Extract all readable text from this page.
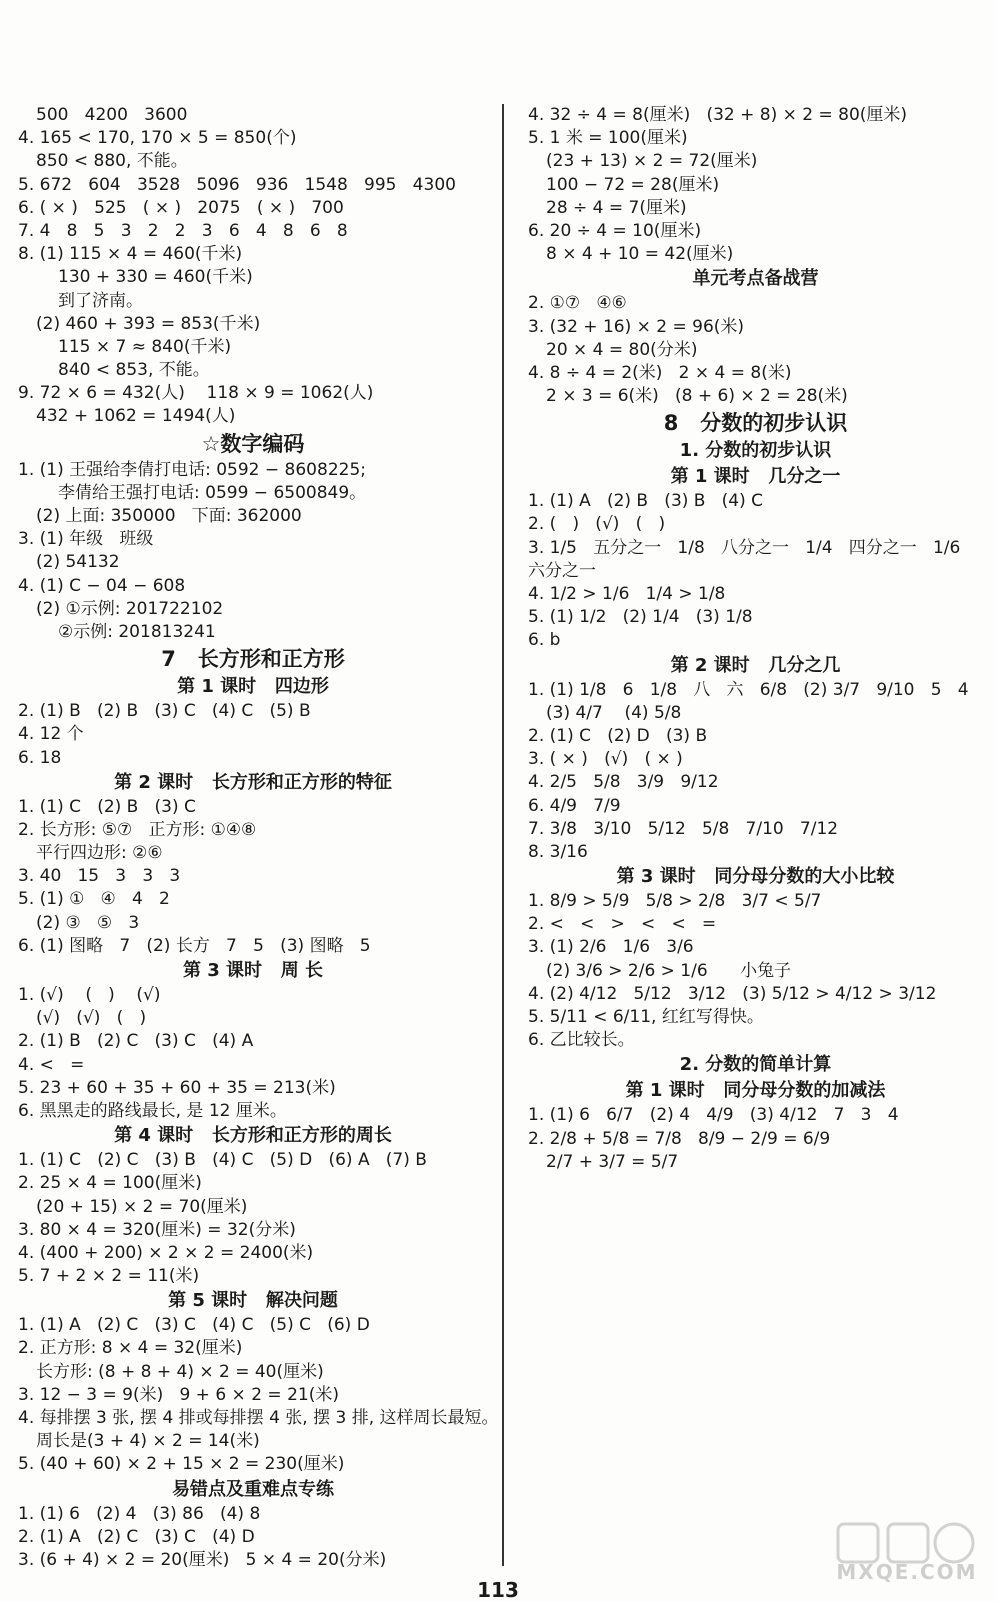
500   4200   3600
4. 165 < 170, 170 × 5 = 850(个)
850 < 880, 不能。
5. 672   604   3528   5096   936   1548   995   4300
6. ( × )   525   ( × )   2075   ( × )   700
7. 4   8   5   3   2   2   3   6   4   8   6   8
8. (1) 115 × 4 = 460(千米)
130 + 330 = 460(千米)
到了济南。
(2) 460 + 393 = 853(千米)
115 × 7 ≈ 840(千米)
840 < 853, 不能。
9. 72 × 6 = 432(人)    118 × 9 = 1062(人)
432 + 1062 = 1494(人)
☆数字编码
1. (1) 王强给李倩打电话: 0592 − 8608225;
李倩给王强打电话: 0599 − 6500849。
(2) 上面: 350000   下面: 362000
3. (1) 年级   班级
(2) 54132
4. (1) C − 04 − 608
(2) ①示例: 201722102
②示例: 201813241
7   长方形和正方形
第 1 课时   四边形
2. (1) B   (2) B   (3) C   (4) C   (5) B
4. 12 个
6. 18
第 2 课时   长方形和正方形的特征
1. (1) C   (2) B   (3) C
2. 长方形: ⑤⑦   正方形: ①④⑧
平行四边形: ②⑥
3. 40   15   3   3   3
5. (1) ①   ④   4   2
(2) ③   ⑤   3
6. (1) 图略   7   (2) 长方   7   5   (3) 图略   5
第 3 课时   周 长
1. (√)    (   )    (√)
(√)   (√)   (   )
2. (1) B   (2) C   (3) C   (4) A
4. <   =
5. 23 + 60 + 35 + 60 + 35 = 213(米)
6. 黑黑走的路线最长, 是 12 厘米。
第 4 课时   长方形和正方形的周长
1. (1) C   (2) C   (3) B   (4) C   (5) D   (6) A   (7) B
2. 25 × 4 = 100(厘米)
(20 + 15) × 2 = 70(厘米)
3. 80 × 4 = 320(厘米) = 32(分米)
4. (400 + 200) × 2 × 2 = 2400(米)
5. 7 + 2 × 2 = 11(米)
第 5 课时   解决问题
1. (1) A   (2) C   (3) C   (4) C   (5) C   (6) D
2. 正方形: 8 × 4 = 32(厘米)
长方形: (8 + 8 + 4) × 2 = 40(厘米)
3. 12 − 3 = 9(米)   9 + 6 × 2 = 21(米)
4. 每排摆 3 张, 摆 4 排或每排摆 4 张, 摆 3 排, 这样周长最短。
周长是(3 + 4) × 2 = 14(米)
5. (40 + 60) × 2 + 15 × 2 = 230(厘米)
易错点及重难点专练
1. (1) 6   (2) 4   (3) 86   (4) 8
2. (1) A   (2) C   (3) C   (4) D
3. (6 + 4) × 2 = 20(厘米)   5 × 4 = 20(分米)
4. 32 ÷ 4 = 8(厘米)   (32 + 8) × 2 = 80(厘米)
5. 1 米 = 100(厘米)
(23 + 13) × 2 = 72(厘米)
100 − 72 = 28(厘米)
28 ÷ 4 = 7(厘米)
6. 20 ÷ 4 = 10(厘米)
8 × 4 + 10 = 42(厘米)
单元考点备战营
2. ①⑦   ④⑥
3. (32 + 16) × 2 = 96(米)
20 × 4 = 80(分米)
4. 8 ÷ 4 = 2(米)   2 × 4 = 8(米)
2 × 3 = 6(米)   (8 + 6) × 2 = 28(米)
8   分数的初步认识
1. 分数的初步认识
第 1 课时   几分之一
1. (1) A   (2) B   (3) B   (4) C
2. (   )   (√)   (   )
3. 1/5   五分之一   1/8   八分之一   1/4   四分之一   1/6
六分之一
4. 1/2 > 1/6   1/4 > 1/8
5. (1) 1/2   (2) 1/4   (3) 1/8
6. b
第 2 课时   几分之几
1. (1) 1/8   6   1/8   八   六   6/8   (2) 3/7   9/10   5   4
(3) 4/7    (4) 5/8
2. (1) C   (2) D   (3) B
3. ( × )   (√)   ( × )
4. 2/5   5/8   3/9   9/12
6. 4/9   7/9
7. 3/8   3/10   5/12   5/8   7/10   7/12
8. 3/16
第 3 课时   同分母分数的大小比较
1. 8/9 > 5/9   5/8 > 2/8   3/7 < 5/7
2. <   <   >   <   <   =
3. (1) 2/6   1/6   3/6
(2) 3/6 > 2/6 > 1/6      小兔子
4. (2) 4/12   5/12   3/12   (3) 5/12 > 4/12 > 3/12
5. 5/11 < 6/11, 红红写得快。
6. 乙比较长。
2. 分数的简单计算
第 1 课时   同分母分数的加减法
1. (1) 6   6/7   (2) 4   4/9   (3) 4/12   7   3   4
2. 2/8 + 5/8 = 7/8   8/9 − 2/9 = 6/9
2/7 + 3/7 = 5/7
113
MXQE.COM
